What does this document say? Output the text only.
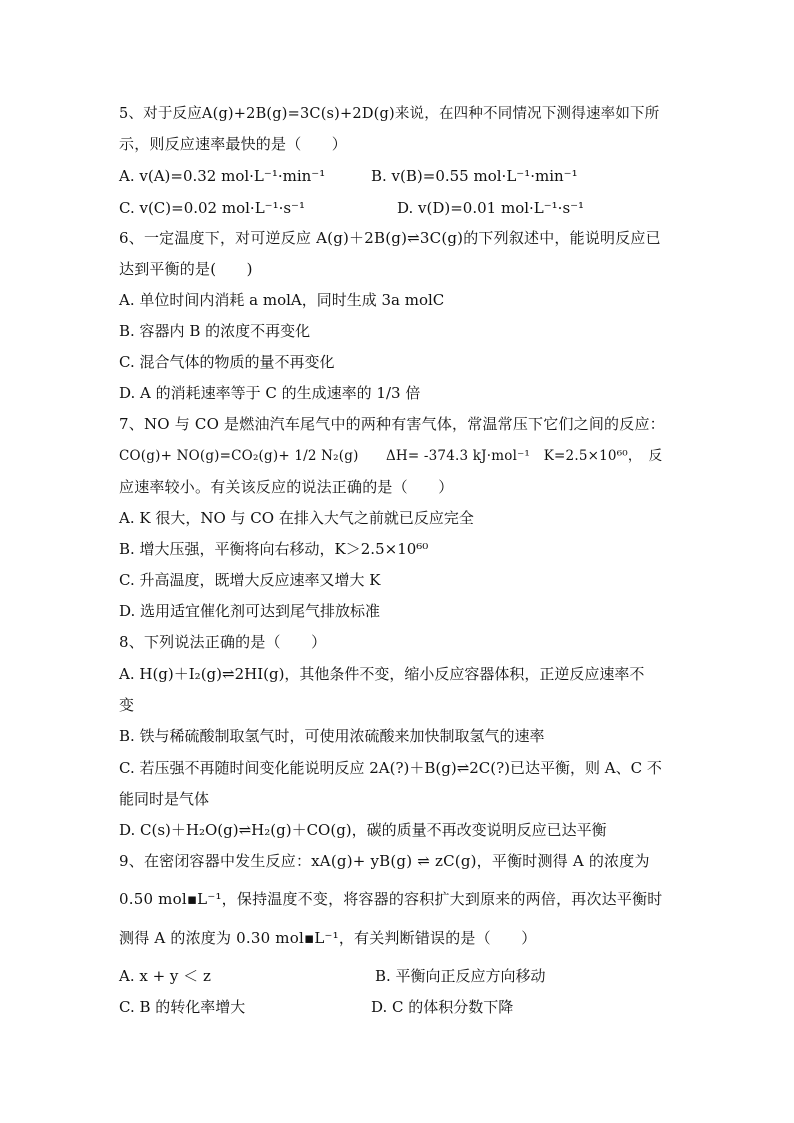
5、对于反应A(g)+2B(g)=3C(s)+2D(g)来说，在四种不同情况下测得速率如下所
示，则反应速率最快的是（　　）
A. v(A)=0.32 mol·L⁻¹·min⁻¹	B. v(B)=0.55 mol·L⁻¹·min⁻¹
C. v(C)=0.02 mol·L⁻¹·s⁻¹	D. v(D)=0.01 mol·L⁻¹·s⁻¹
6、一定温度下，对可逆反应 A(g)＋2B(g)⇌3C(g)的下列叙述中，能说明反应已
达到平衡的是(　　)
A. 单位时间内消耗 a molA，同时生成 3a molC
B. 容器内 B 的浓度不再变化
C. 混合气体的物质的量不再变化
D. A 的消耗速率等于 C 的生成速率的 1/3 倍
7、NO 与 CO 是燃油汽车尾气中的两种有害气体，常温常压下它们之间的反应：
CO(g)+ NO(g)=CO₂(g)+ 1/2 N₂(g)　　ΔH= -374.3 kJ·mol⁻¹　K=2.5×10⁶⁰，　反
应速率较小。有关该反应的说法正确的是（　　）
A. K 很大，NO 与 CO 在排入大气之前就已反应完全
B. 增大压强，平衡将向右移动，K＞2.5×10⁶⁰
C. 升高温度，既增大反应速率又增大 K
D. 选用适宜催化剂可达到尾气排放标准
8、下列说法正确的是（　　）
A. H(g)＋I₂(g)⇌2HI(g)，其他条件不变，缩小反应容器体积，正逆反应速率不
变
B. 铁与稀硫酸制取氢气时，可使用浓硫酸来加快制取氢气的速率
C. 若压强不再随时间变化能说明反应 2A(?)＋B(g)⇌2C(?)已达平衡，则 A、C 不
能同时是气体
D. C(s)＋H₂O(g)⇌H₂(g)＋CO(g)，碳的质量不再改变说明反应已达平衡
9、在密闭容器中发生反应：xA(g)+ yB(g) ⇌ zC(g)，平衡时测得 A 的浓度为
0.50 mol▪L⁻¹，保持温度不变，将容器的容积扩大到原来的两倍，再次达平衡时
测得 A 的浓度为 0.30 mol▪L⁻¹，有关判断错误的是（　　）
A. x + y ＜ z	B. 平衡向正反应方向移动
C. B 的转化率增大	D. C 的体积分数下降
